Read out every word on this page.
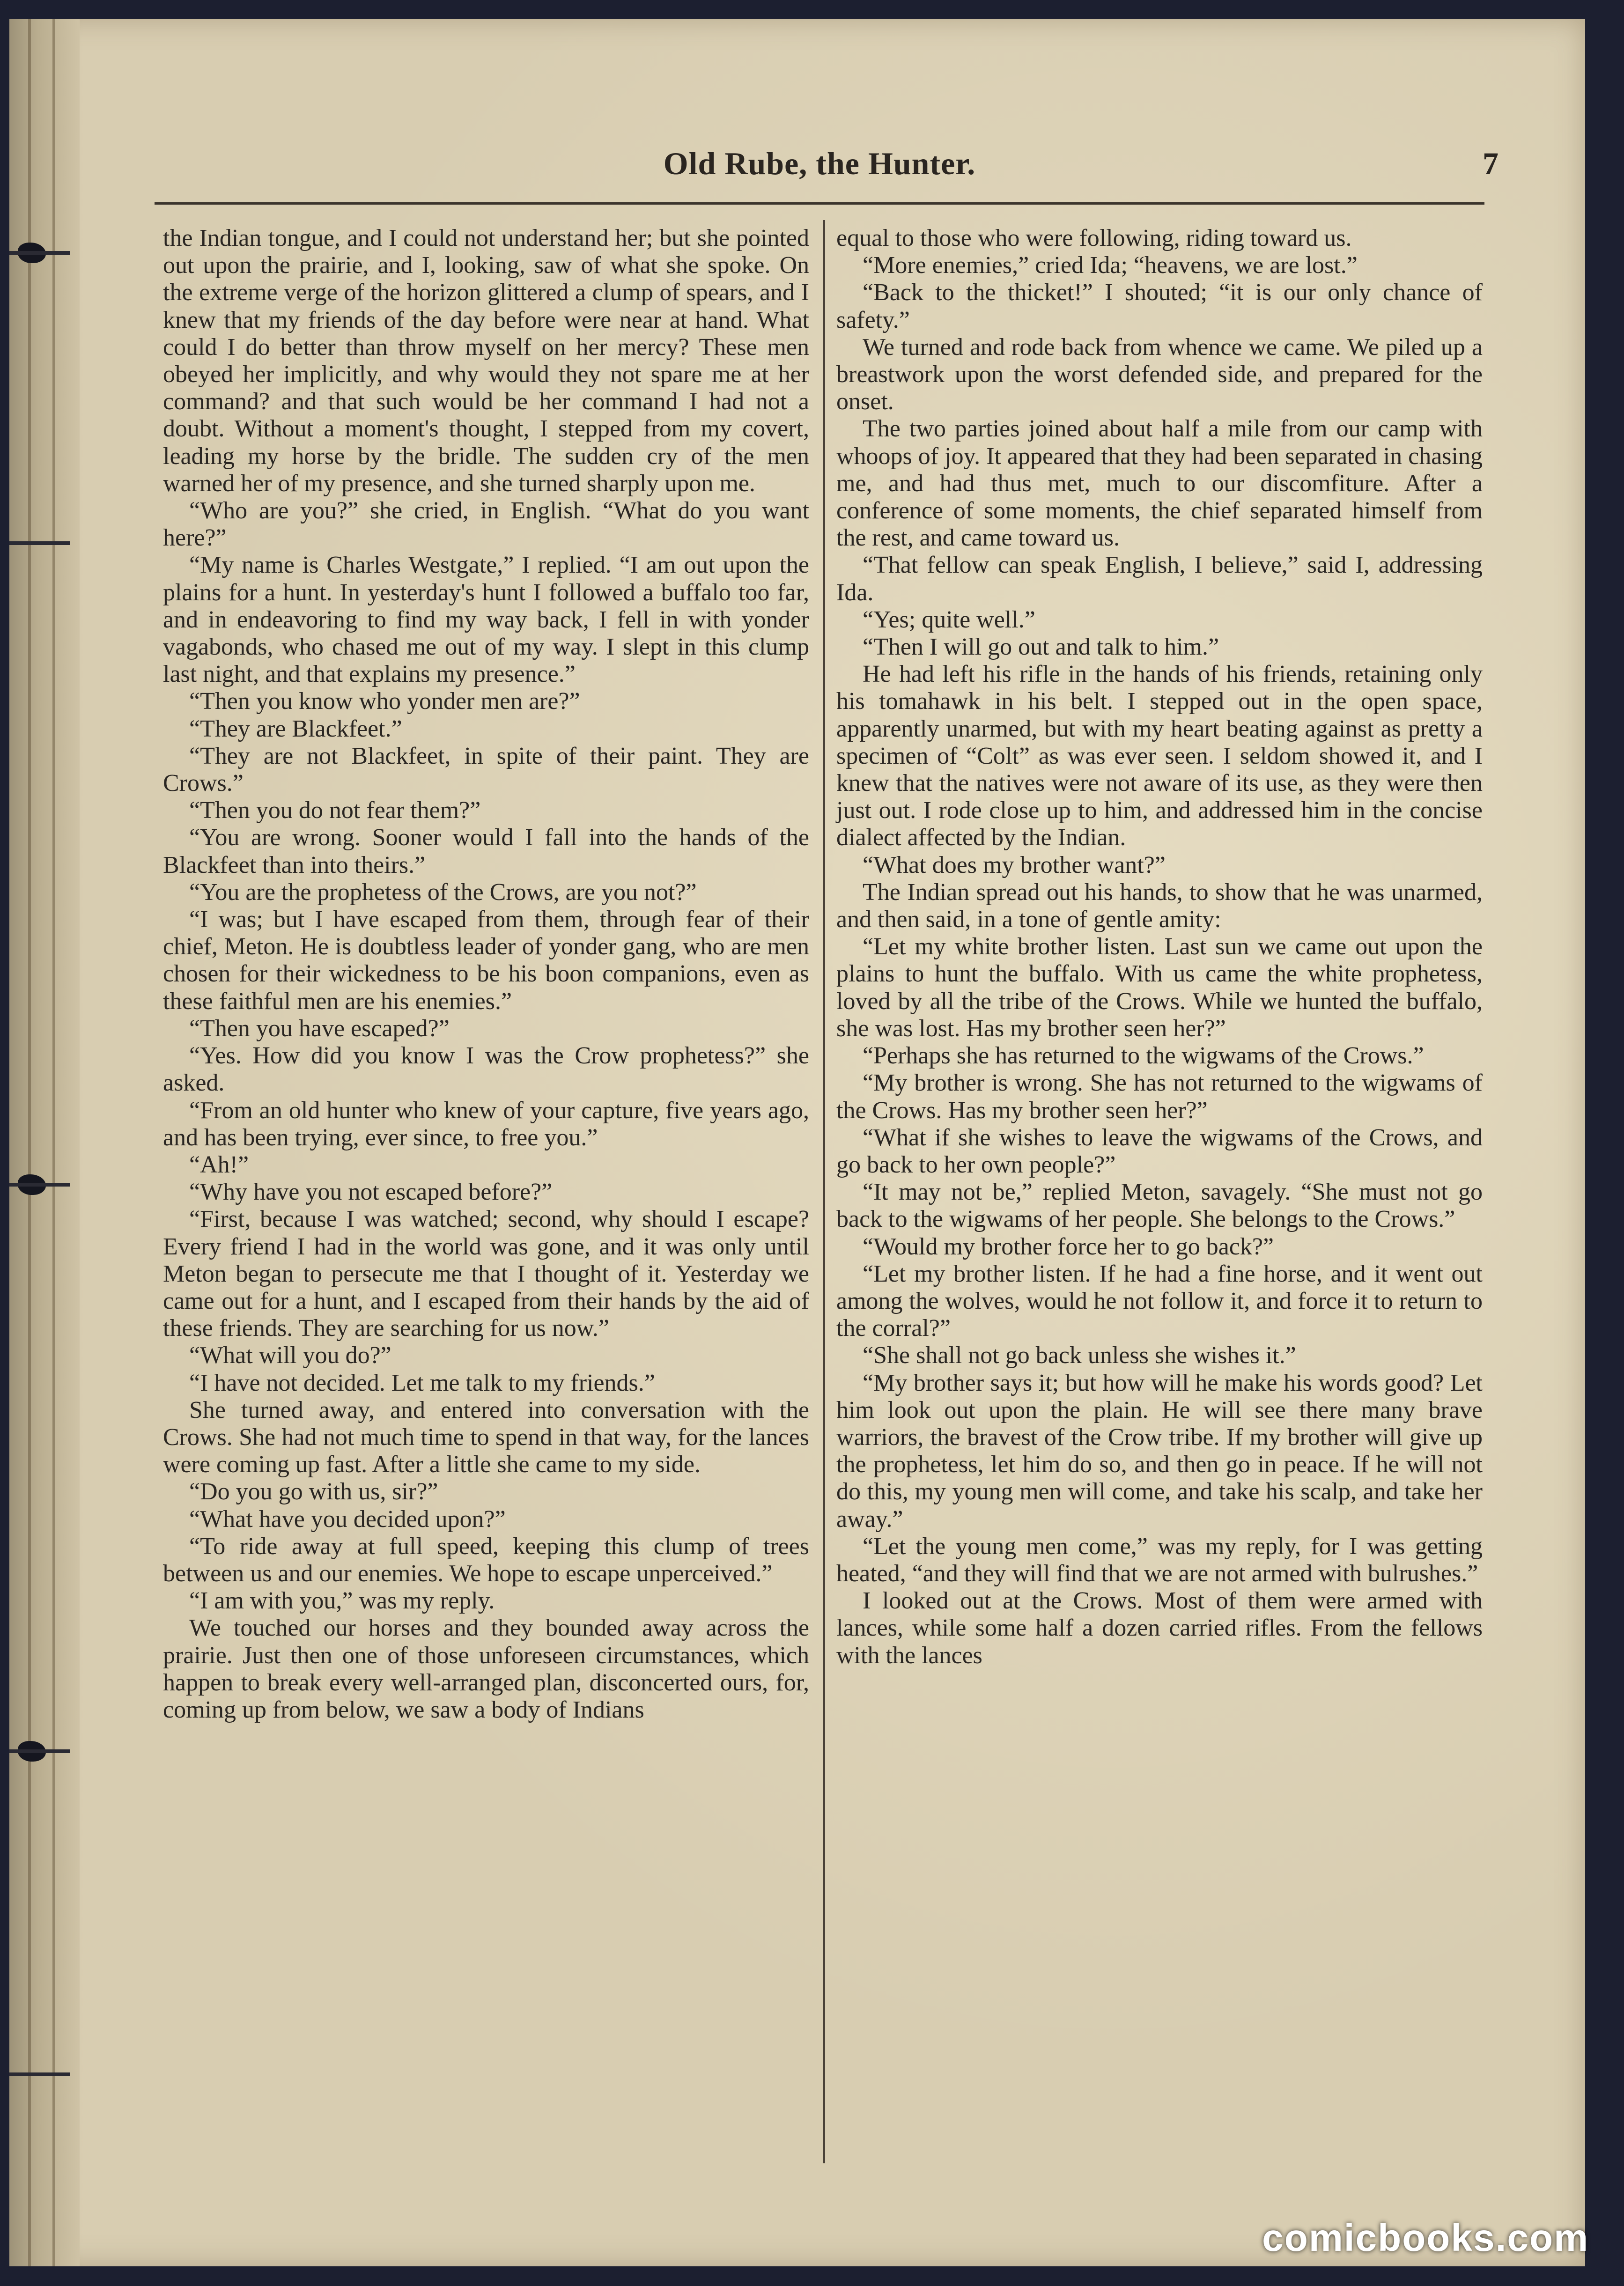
Old Rube, the Hunter.	7

the Indian tongue, and I could not understand her; but she pointed out upon the prairie, and I, looking, saw of what she spoke. On the extreme verge of the horizon glittered a clump of spears, and I knew that my friends of the day before were near at hand. What could I do better than throw myself on her mercy? These men obeyed her implicitly, and why would they not spare me at her command? and that such would be her command I had not a doubt. Without a moment's thought, I stepped from my covert, leading my horse by the bridle. The sudden cry of the men warned her of my presence, and she turned sharply upon me.

“Who are you?” she cried, in English. “What do you want here?”

“My name is Charles Westgate,” I replied. “I am out upon the plains for a hunt. In yesterday's hunt I followed a buffalo too far, and in endeavoring to find my way back, I fell in with yonder vagabonds, who chased me out of my way. I slept in this clump last night, and that explains my presence.”

“Then you know who yonder men are?”

“They are Blackfeet.”

“They are not Blackfeet, in spite of their paint. They are Crows.”

“Then you do not fear them?”

“You are wrong. Sooner would I fall into the hands of the Blackfeet than into theirs.”

“You are the prophetess of the Crows, are you not?”

“I was; but I have escaped from them, through fear of their chief, Meton. He is doubtless leader of yonder gang, who are men chosen for their wickedness to be his boon companions, even as these faithful men are his enemies.”

“Then you have escaped?”

“Yes. How did you know I was the Crow prophetess?” she asked.

“From an old hunter who knew of your capture, five years ago, and has been trying, ever since, to free you.”

“Ah!”

“Why have you not escaped before?”

“First, because I was watched; second, why should I escape? Every friend I had in the world was gone, and it was only until Meton began to persecute me that I thought of it. Yesterday we came out for a hunt, and I escaped from their hands by the aid of these friends. They are searching for us now.”

“What will you do?”

“I have not decided. Let me talk to my friends.”

She turned away, and entered into conversation with the Crows. She had not much time to spend in that way, for the lances were coming up fast. After a little she came to my side.

“Do you go with us, sir?”

“What have you decided upon?”

“To ride away at full speed, keeping this clump of trees between us and our enemies. We hope to escape unperceived.”

“I am with you,” was my reply.

We touched our horses and they bounded away across the prairie. Just then one of those unforeseen circumstances, which happen to break every well-arranged plan, disconcerted ours, for, coming up from below, we saw a body of Indians

equal to those who were following, riding toward us.

“More enemies,” cried Ida; “heavens, we are lost.”

“Back to the thicket!” I shouted; “it is our only chance of safety.”

We turned and rode back from whence we came. We piled up a breastwork upon the worst defended side, and prepared for the onset.

The two parties joined about half a mile from our camp with whoops of joy. It appeared that they had been separated in chasing me, and had thus met, much to our discomfiture. After a conference of some moments, the chief separated himself from the rest, and came toward us.

“That fellow can speak English, I believe,” said I, addressing Ida.

“Yes; quite well.”

“Then I will go out and talk to him.”

He had left his rifle in the hands of his friends, retaining only his tomahawk in his belt. I stepped out in the open space, apparently unarmed, but with my heart beating against as pretty a specimen of “Colt” as was ever seen. I seldom showed it, and I knew that the natives were not aware of its use, as they were then just out. I rode close up to him, and addressed him in the concise dialect affected by the Indian.

“What does my brother want?”

The Indian spread out his hands, to show that he was unarmed, and then said, in a tone of gentle amity:

“Let my white brother listen. Last sun we came out upon the plains to hunt the buffalo. With us came the white prophetess, loved by all the tribe of the Crows. While we hunted the buffalo, she was lost. Has my brother seen her?”

“Perhaps she has returned to the wigwams of the Crows.”

“My brother is wrong. She has not returned to the wigwams of the Crows. Has my brother seen her?”

“What if she wishes to leave the wigwams of the Crows, and go back to her own people?”

“It may not be,” replied Meton, savagely. “She must not go back to the wigwams of her people. She belongs to the Crows.”

“Would my brother force her to go back?”

“Let my brother listen. If he had a fine horse, and it went out among the wolves, would he not follow it, and force it to return to the corral?”

“She shall not go back unless she wishes it.”

“My brother says it; but how will he make his words good? Let him look out upon the plain. He will see there many brave warriors, the bravest of the Crow tribe. If my brother will give up the prophetess, let him do so, and then go in peace. If he will not do this, my young men will come, and take his scalp, and take her away.”

“Let the young men come,” was my reply, for I was getting heated, “and they will find that we are not armed with bulrushes.”

I looked out at the Crows. Most of them were armed with lances, while some half a dozen carried rifles. From the fellows with the lances

comicbooks.com
